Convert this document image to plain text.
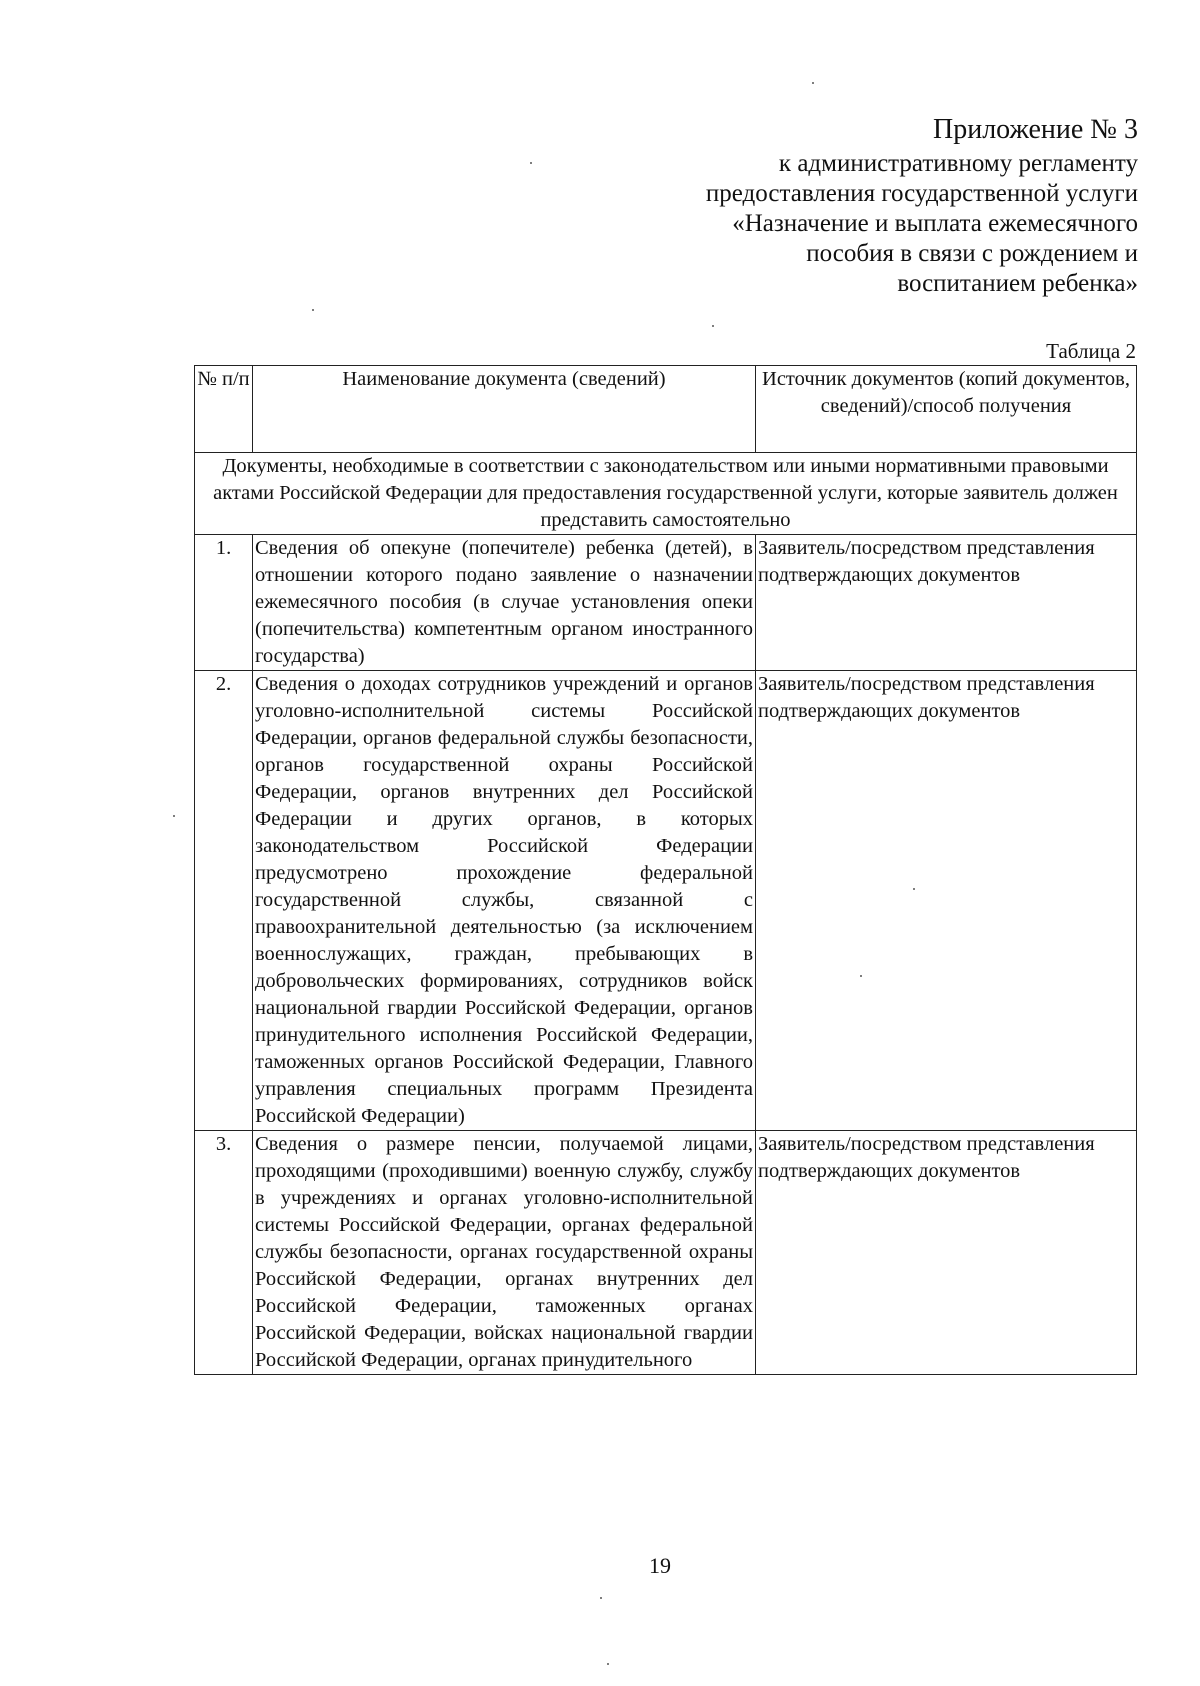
Приложение № 3
к административному регламенту
предоставления государственной услуги
«Назначение и выплата ежемесячного
пособия в связи с рождением и
воспитанием ребенка»
Таблица 2
№ п/п	Наименование документа (сведений)	Источник документов (копий документов, сведений)/способ получения
Документы, необходимые в соответствии с законодательством или иными нормативными правовыми актами Российской Федерации для предоставления государственной услуги, которые заявитель должен представить самостоятельно		
1.	Сведения об опекуне (попечителе) ребенка (детей), в отношении которого подано заявление о назначении ежемесячного пособия (в случае установления опеки (попечительства) компетентным органом иностранного государства)	Заявитель/посредством представления подтверждающих документов
2.	Сведения о доходах сотрудников учреждений и органов уголовно-исполнительной системы Российской Федерации, органов федеральной службы безопасности, органов государственной охраны Российской Федерации, органов внутренних дел Российской Федерации и других органов, в которых законодательством Российской Федерации предусмотрено прохождение федеральной государственной службы, связанной с правоохранительной деятельностью (за исключением военнослужащих, граждан, пребывающих в добровольческих формированиях, сотрудников войск национальной гвардии Российской Федерации, органов принудительного исполнения Российской Федерации, таможенных органов Российской Федерации, Главного управления специальных программ Президента Российской Федерации)	Заявитель/посредством представления подтверждающих документов
3.	Сведения о размере пенсии, получаемой лицами, проходящими (проходившими) военную службу, службу в учреждениях и органах уголовно-исполнительной системы Российской Федерации, органах федеральной службы безопасности, органах государственной охраны Российской Федерации, органах внутренних дел Российской Федерации, таможенных органах Российской Федерации, войсках национальной гвардии Российской Федерации, органах принудительного	Заявитель/посредством представления подтверждающих документов
19
